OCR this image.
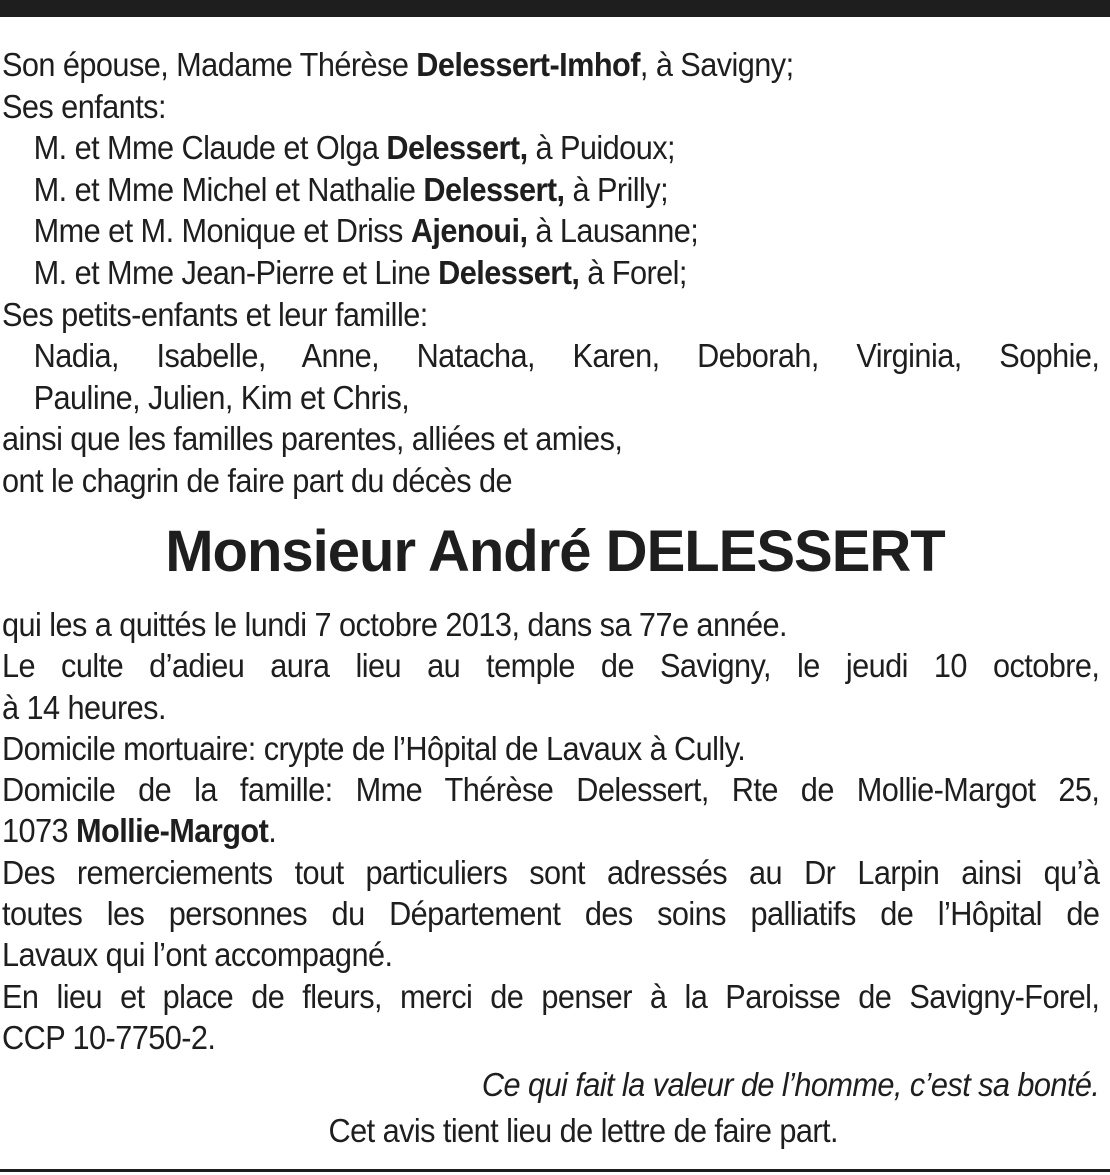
Son épouse, Madame Thérèse Delessert-Imhof, à Savigny;
Ses enfants:
M. et Mme Claude et Olga Delessert, à Puidoux;
M. et Mme Michel et Nathalie Delessert, à Prilly;
Mme et M. Monique et Driss Ajenoui, à Lausanne;
M. et Mme Jean-Pierre et Line Delessert, à Forel;
Ses petits-enfants et leur famille:
Nadia, Isabelle, Anne, Natacha, Karen, Deborah, Virginia, Sophie,
Pauline, Julien, Kim et Chris,
ainsi que les familles parentes, alliées et amies,
ont le chagrin de faire part du décès de
Monsieur André DELESSERT
qui les a quittés le lundi 7 octobre 2013, dans sa 77e année.
Le culte d’adieu aura lieu au temple de Savigny, le jeudi 10 octobre,
à 14 heures.
Domicile mortuaire: crypte de l’Hôpital de Lavaux à Cully.
Domicile de la famille: Mme Thérèse Delessert, Rte de Mollie-Margot 25,
1073 Mollie-Margot.
Des remerciements tout particuliers sont adressés au Dr Larpin ainsi qu’à
toutes les personnes du Département des soins palliatifs de l’Hôpital de
Lavaux qui l’ont accompagné.
En lieu et place de fleurs, merci de penser à la Paroisse de Savigny-Forel,
CCP 10-7750-2.
Ce qui fait la valeur de l’homme, c’est sa bonté.
Cet avis tient lieu de lettre de faire part.
